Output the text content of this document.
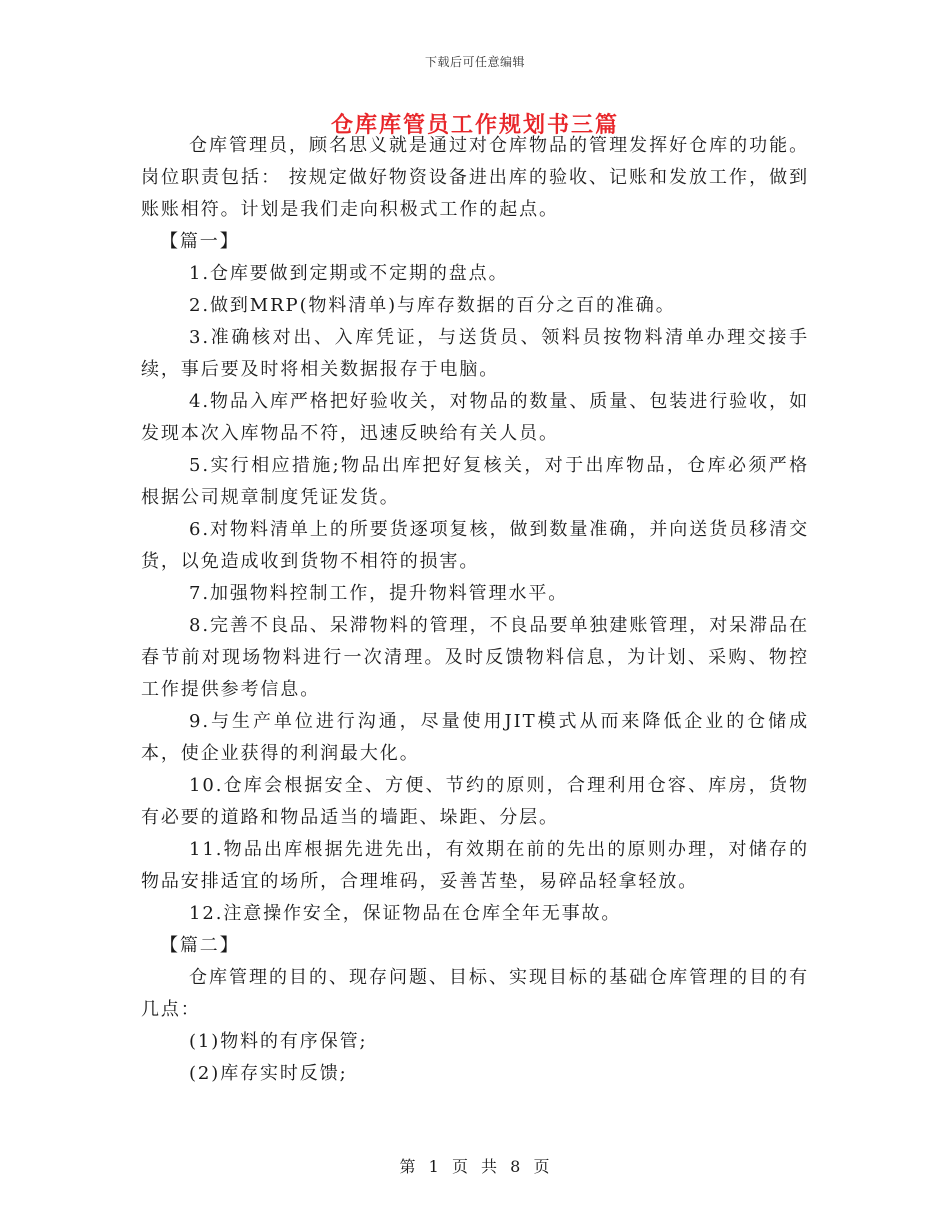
下载后可任意编辑
仓库库管员工作规划书三篇

仓库管理员，顾名思义就是通过对仓库物品的管理发挥好仓库的功能。岗位职责包括： 按规定做好物资设备进出库的验收、记账和发放工作，做到账账相符。计划是我们走向积极式工作的起点。

【篇一】

1.仓库要做到定期或不定期的盘点。

2.做到MRP(物料清单)与库存数据的百分之百的准确。

3.准确核对出、入库凭证，与送货员、领料员按物料清单办理交接手续，事后要及时将相关数据报存于电脑。

4.物品入库严格把好验收关，对物品的数量、质量、包装进行验收，如发现本次入库物品不符，迅速反映给有关人员。

5.实行相应措施;物品出库把好复核关，对于出库物品，仓库必须严格根据公司规章制度凭证发货。

6.对物料清单上的所要货逐项复核，做到数量准确，并向送货员移清交货，以免造成收到货物不相符的损害。

7.加强物料控制工作，提升物料管理水平。

8.完善不良品、呆滞物料的管理，不良品要单独建账管理，对呆滞品在春节前对现场物料进行一次清理。及时反馈物料信息，为计划、采购、物控工作提供参考信息。

9.与生产单位进行沟通，尽量使用JIT模式从而来降低企业的仓储成本，使企业获得的利润最大化。

10.仓库会根据安全、方便、节约的原则，合理利用仓容、库房，货物有必要的道路和物品适当的墙距、垛距、分层。

11.物品出库根据先进先出，有效期在前的先出的原则办理，对储存的物品安排适宜的场所，合理堆码，妥善苫垫，易碎品轻拿轻放。

12.注意操作安全，保证物品在仓库全年无事故。

【篇二】

仓库管理的目的、现存问题、目标、实现目标的基础仓库管理的目的有几点：

(1)物料的有序保管;

(2)库存实时反馈;

第 1 页 共 8 页
